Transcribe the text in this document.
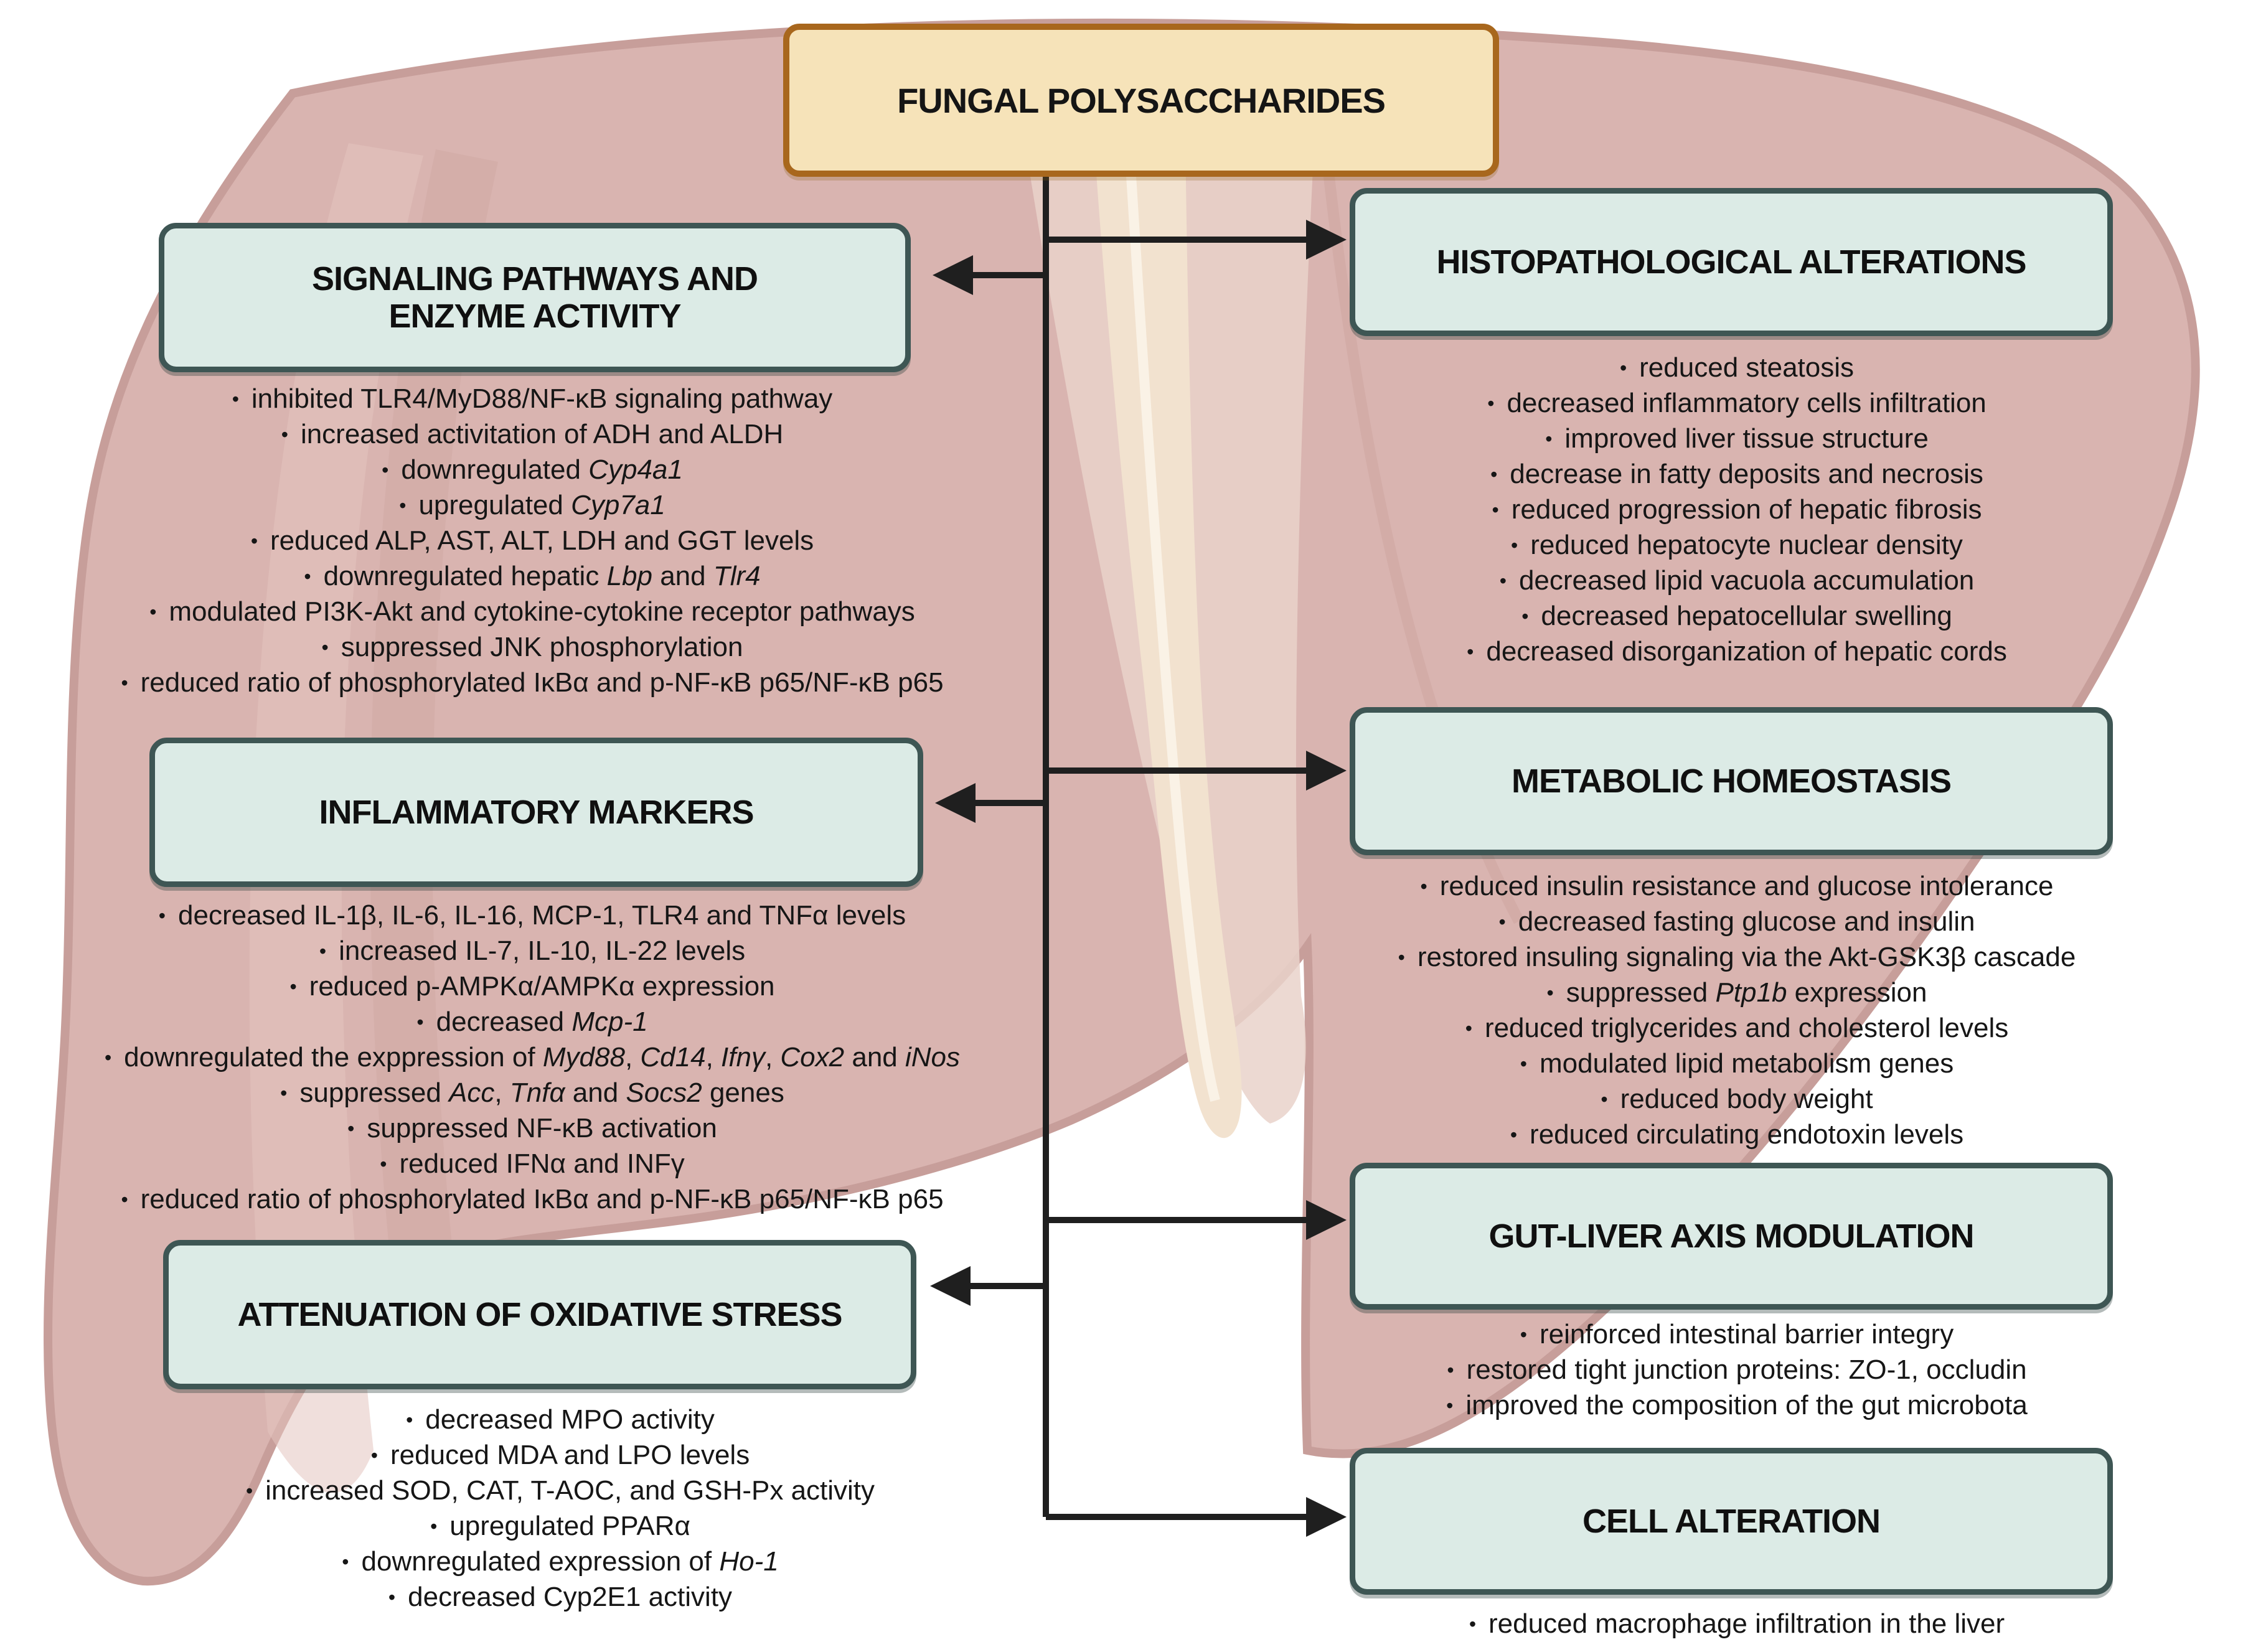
FUNGAL POLYSACCHARIDES
SIGNALING PATHWAYS AND ENZYME ACTIVITY
• inhibited TLR4/MyD88/NF-κB signaling pathway
• increased activitation of ADH and ALDH
• downregulated Cyp4a1
• upregulated Cyp7a1
• reduced ALP, AST, ALT, LDH and GGT levels
• downregulated hepatic Lbp and Tlr4
• modulated PI3K-Akt and cytokine-cytokine receptor pathways
• suppressed JNK phosphorylation
• reduced ratio of phosphorylated IκBα and p-NF-κB p65/NF-κB p65
INFLAMMATORY MARKERS
• decreased IL-1β, IL-6, IL-16, MCP-1, TLR4 and TNFα levels
• increased IL-7, IL-10, IL-22 levels
• reduced p-AMPKα/AMPKα expression
• decreased Mcp-1
• downregulated the exppression of Myd88, Cd14, Ifnγ, Cox2 and iNos
• suppressed Acc, Tnfα and Socs2 genes
• suppressed NF-κB activation
• reduced IFNα and INFγ
• reduced ratio of phosphorylated IκBα and p-NF-κB p65/NF-κB p65
ATTENUATION OF OXIDATIVE STRESS
• decreased MPO activity
• reduced MDA and LPO levels
• increased SOD, CAT, T-AOC, and GSH-Px activity
• upregulated PPARα
• downregulated expression of Ho-1
• decreased Cyp2E1 activity
HISTOPATHOLOGICAL ALTERATIONS
• reduced steatosis
• decreased inflammatory cells infiltration
• improved liver tissue structure
• decrease in fatty deposits and necrosis
• reduced progression of hepatic fibrosis
• reduced hepatocyte nuclear density
• decreased lipid vacuola accumulation
• decreased hepatocellular swelling
• decreased disorganization of hepatic cords
METABOLIC HOMEOSTASIS
• reduced insulin resistance and glucose intolerance
• decreased fasting glucose and insulin
• restored insuling signaling via the Akt-GSK3β cascade
• suppressed Ptp1b expression
• reduced triglycerides and cholesterol levels
• modulated lipid metabolism genes
• reduced body weight
• reduced circulating endotoxin levels
GUT-LIVER AXIS MODULATION
• reinforced intestinal barrier integry
• restored tight junction proteins: ZO-1, occludin
• improved the composition of the gut microbota
CELL ALTERATION
• reduced macrophage infiltration in the liver
